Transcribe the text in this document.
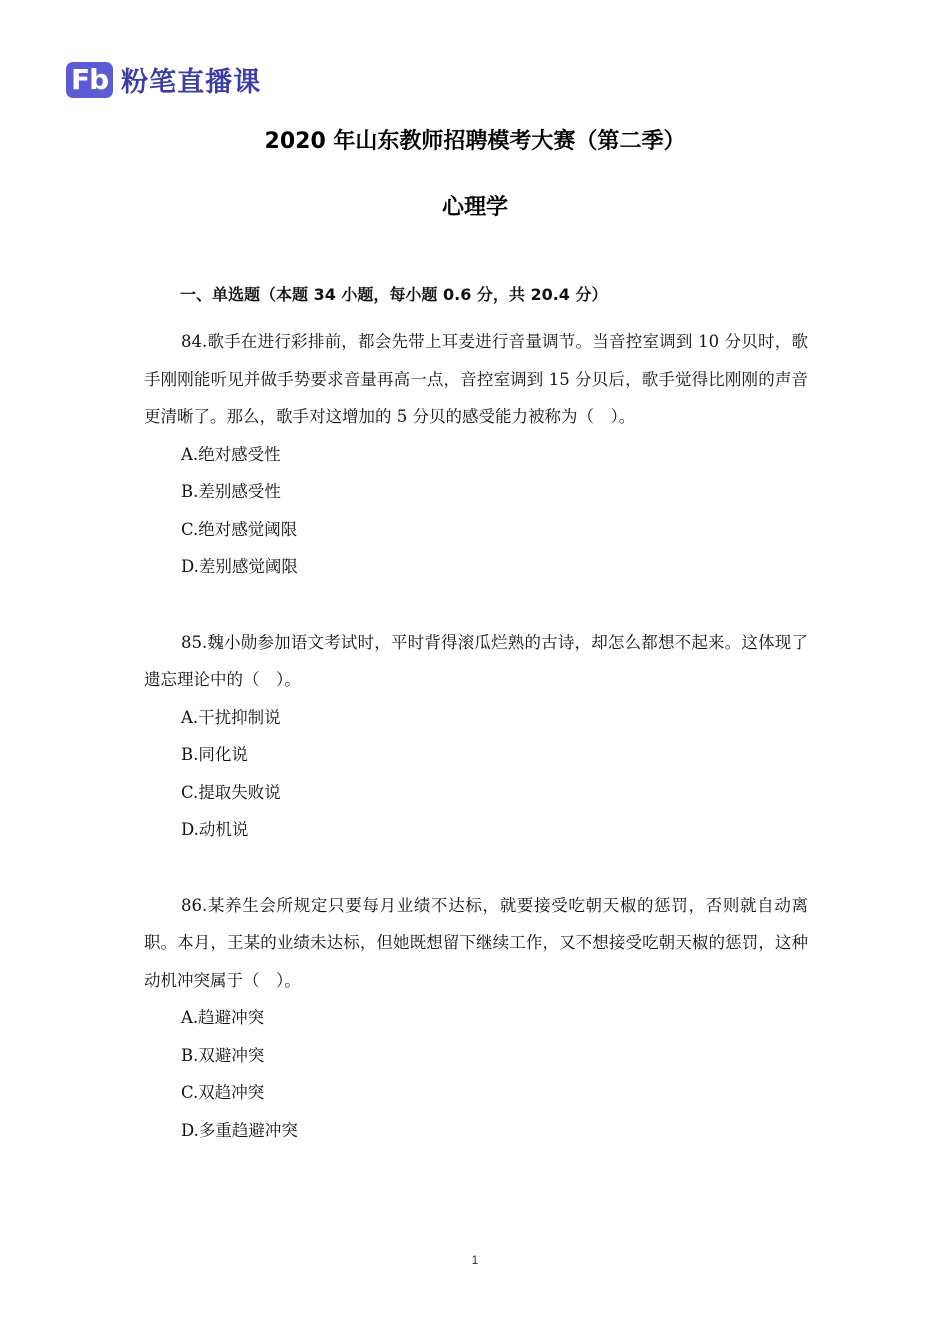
Fb 粉笔直播课
2020 年山东教师招聘模考大赛（第二季）
心理学
一、单选题（本题 34 小题，每小题 0.6 分，共 20.4 分）

84.歌手在进行彩排前，都会先带上耳麦进行音量调节。当音控室调到 10 分贝时，歌手刚刚能听见并做手势要求音量再高一点，音控室调到 15 分贝后，歌手觉得比刚刚的声音更清晰了。那么，歌手对这增加的 5 分贝的感受能力被称为（　）。

A.绝对感受性

B.差别感受性

C.绝对感觉阈限

D.差别感觉阈限

85.魏小勋参加语文考试时，平时背得滚瓜烂熟的古诗，却怎么都想不起来。这体现了遗忘理论中的（　）。

A.干扰抑制说

B.同化说

C.提取失败说

D.动机说

86.某养生会所规定只要每月业绩不达标，就要接受吃朝天椒的惩罚，否则就自动离职。本月，王某的业绩未达标，但她既想留下继续工作，又不想接受吃朝天椒的惩罚，这种动机冲突属于（　）。

A.趋避冲突

B.双避冲突

C.双趋冲突

D.多重趋避冲突

1
